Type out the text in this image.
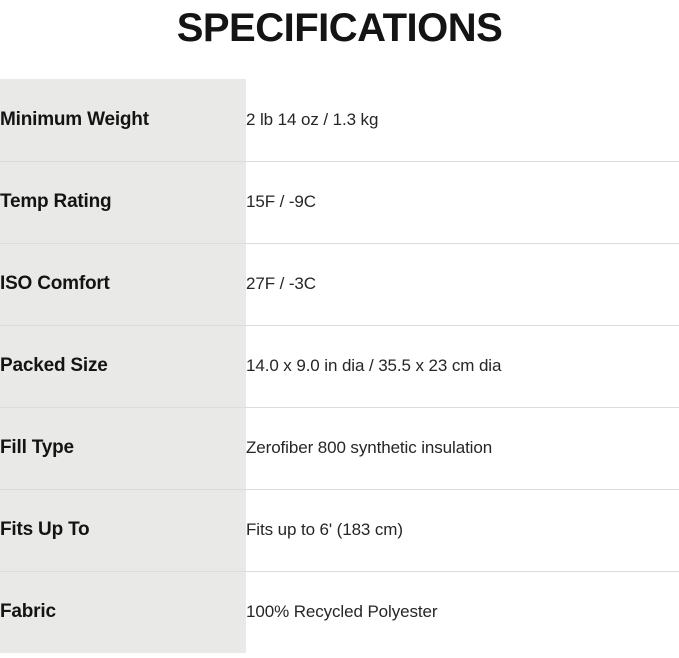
SPECIFICATIONS
Minimum Weight	2 lb 14 oz / 1.3 kg

Temp Rating	15F / -9C

ISO Comfort	27F / -3C

Packed Size	14.0 x 9.0 in dia / 35.5 x 23 cm dia

Fill Type	Zerofiber 800 synthetic insulation

Fits Up To	Fits up to 6' (183 cm)

Fabric	100% Recycled Polyester
